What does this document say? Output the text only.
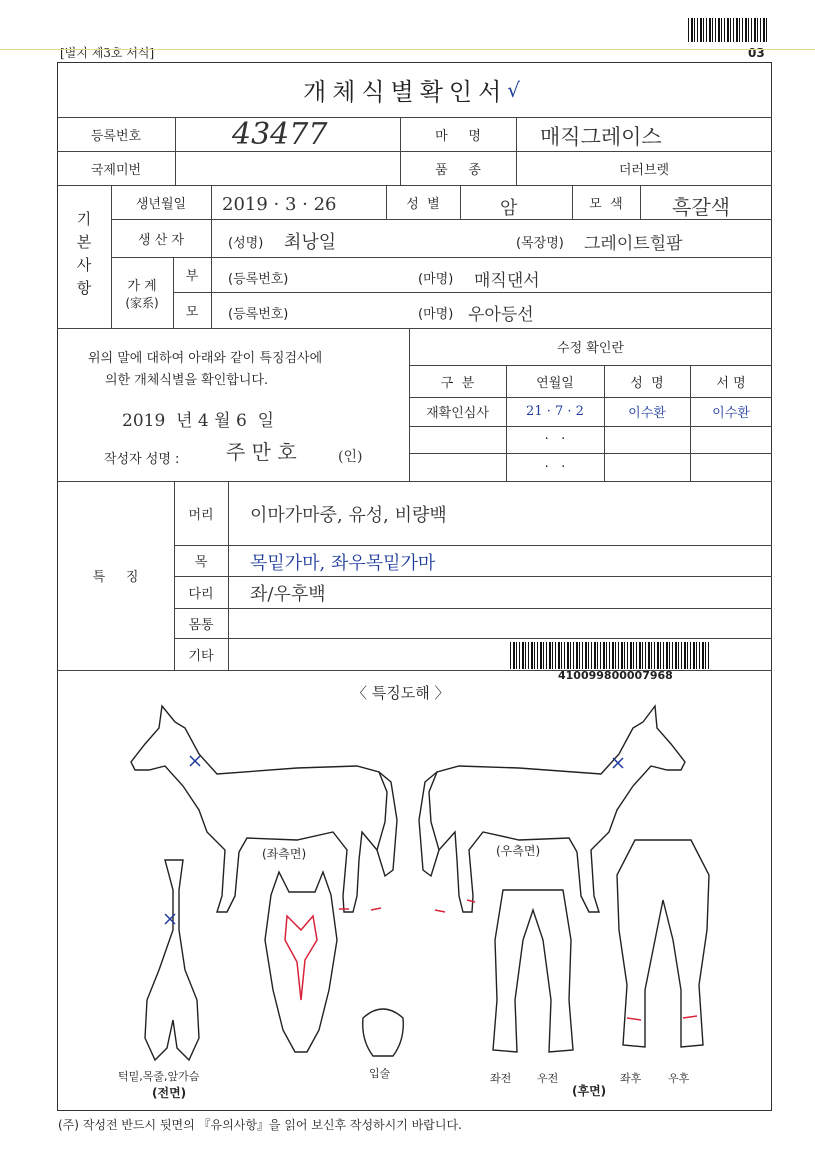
03
[별지 제3호 서식]
개체식별확인서 √
등록번호	43477	마     명	매직그레이스
국제미번	품     종	더러브렛
기본사항
생년월일	2019 · 3 · 26	성  별	암	모  색	흑갈색
생 산 자	(성명) 최낭일	(목장명) 그레이트힐팜
가 계
(家系)
부	(등록번호)	(마명) 매직댄서
모	(등록번호)	(마명) 우아등선
위의 말에 대하여 아래와 같이 특징검사에
의한 개체식별을 확인합니다.
2019  년 4 월 6  일
작성자 성명 : 주 만 호	(인)
수정 확인란
구  분	연월일	성  명	서 명
재확인심사	21 · 7 · 2	이수환	이수환
·   ·
·   ·
특     징
머리	이마가마중, 유성, 비량백
목	목밑가마, 좌우목밑가마
다리	좌/우후백
몸통
기타
410099800007968
〈 특징도해 〉
(좌측면)	(우측면)
턱밑,목줄,앞가슴
(전면)
입술	좌전 우전
(후면)
좌후 우후
(주) 작성전 반드시 뒷면의 『유의사항』을 읽어 보신후 작성하시기 바랍니다.
